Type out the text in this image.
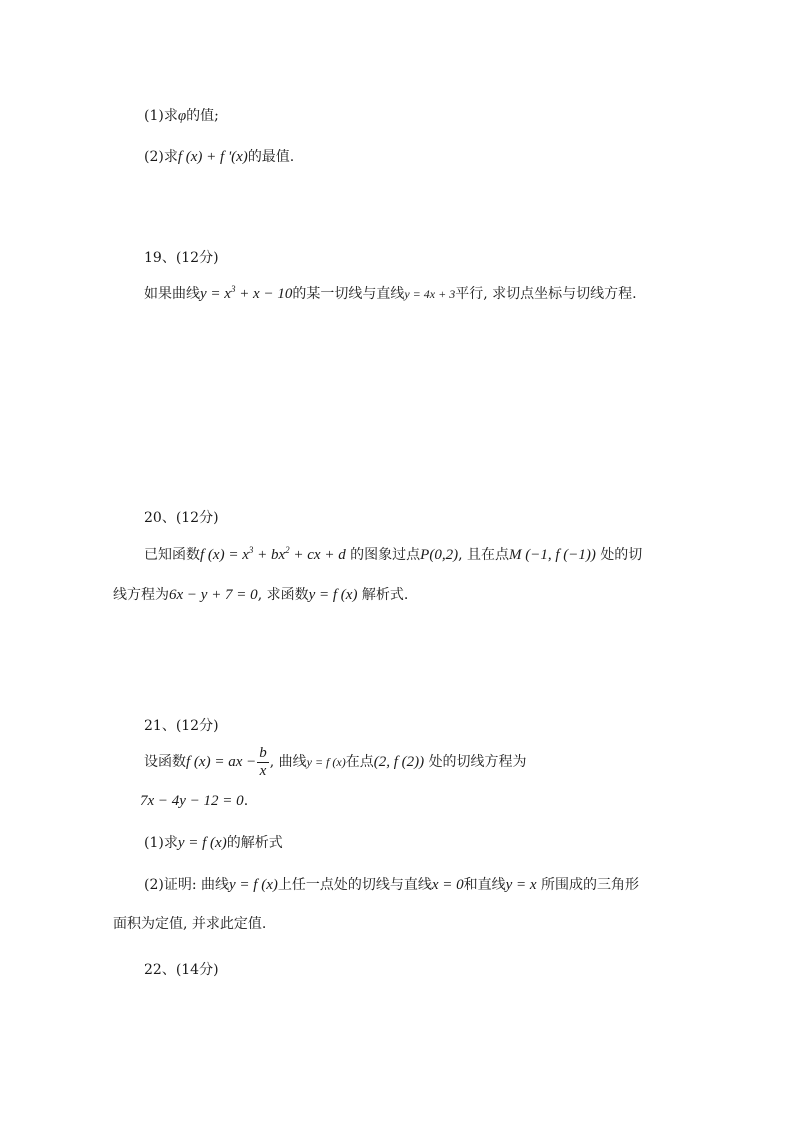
(1)求φ的值;
(2)求f (x) + f '(x)的最值.
19、(12分)
如果曲线$y = x^3 + x - 10$的某一切线与直线y = 4x + 3平行, 求切点坐标与切线方程.
20、(12分)
已知函数f $(x) = x^3 + bx^2$ + cx + d 的图象过点P(0,2), 且在点M (−1, f (−1)) 处的切
线方程为6x − y + 7 = 0, 求函数y = f (x) 解析式.
21、(12分)
设函数f (x) = ax − $\frac{b}{x}$ , 曲线y = f (x)在点(2, f (2)) 处的切线方程为
7x − 4y − 12 = 0.
(1)求y = f (x)的解析式
(2)证明: 曲线y = f (x)上任一点处的切线与直线x = 0和直线y = x 所围成的三角形
面积为定值, 并求此定值.
22、(14分)
